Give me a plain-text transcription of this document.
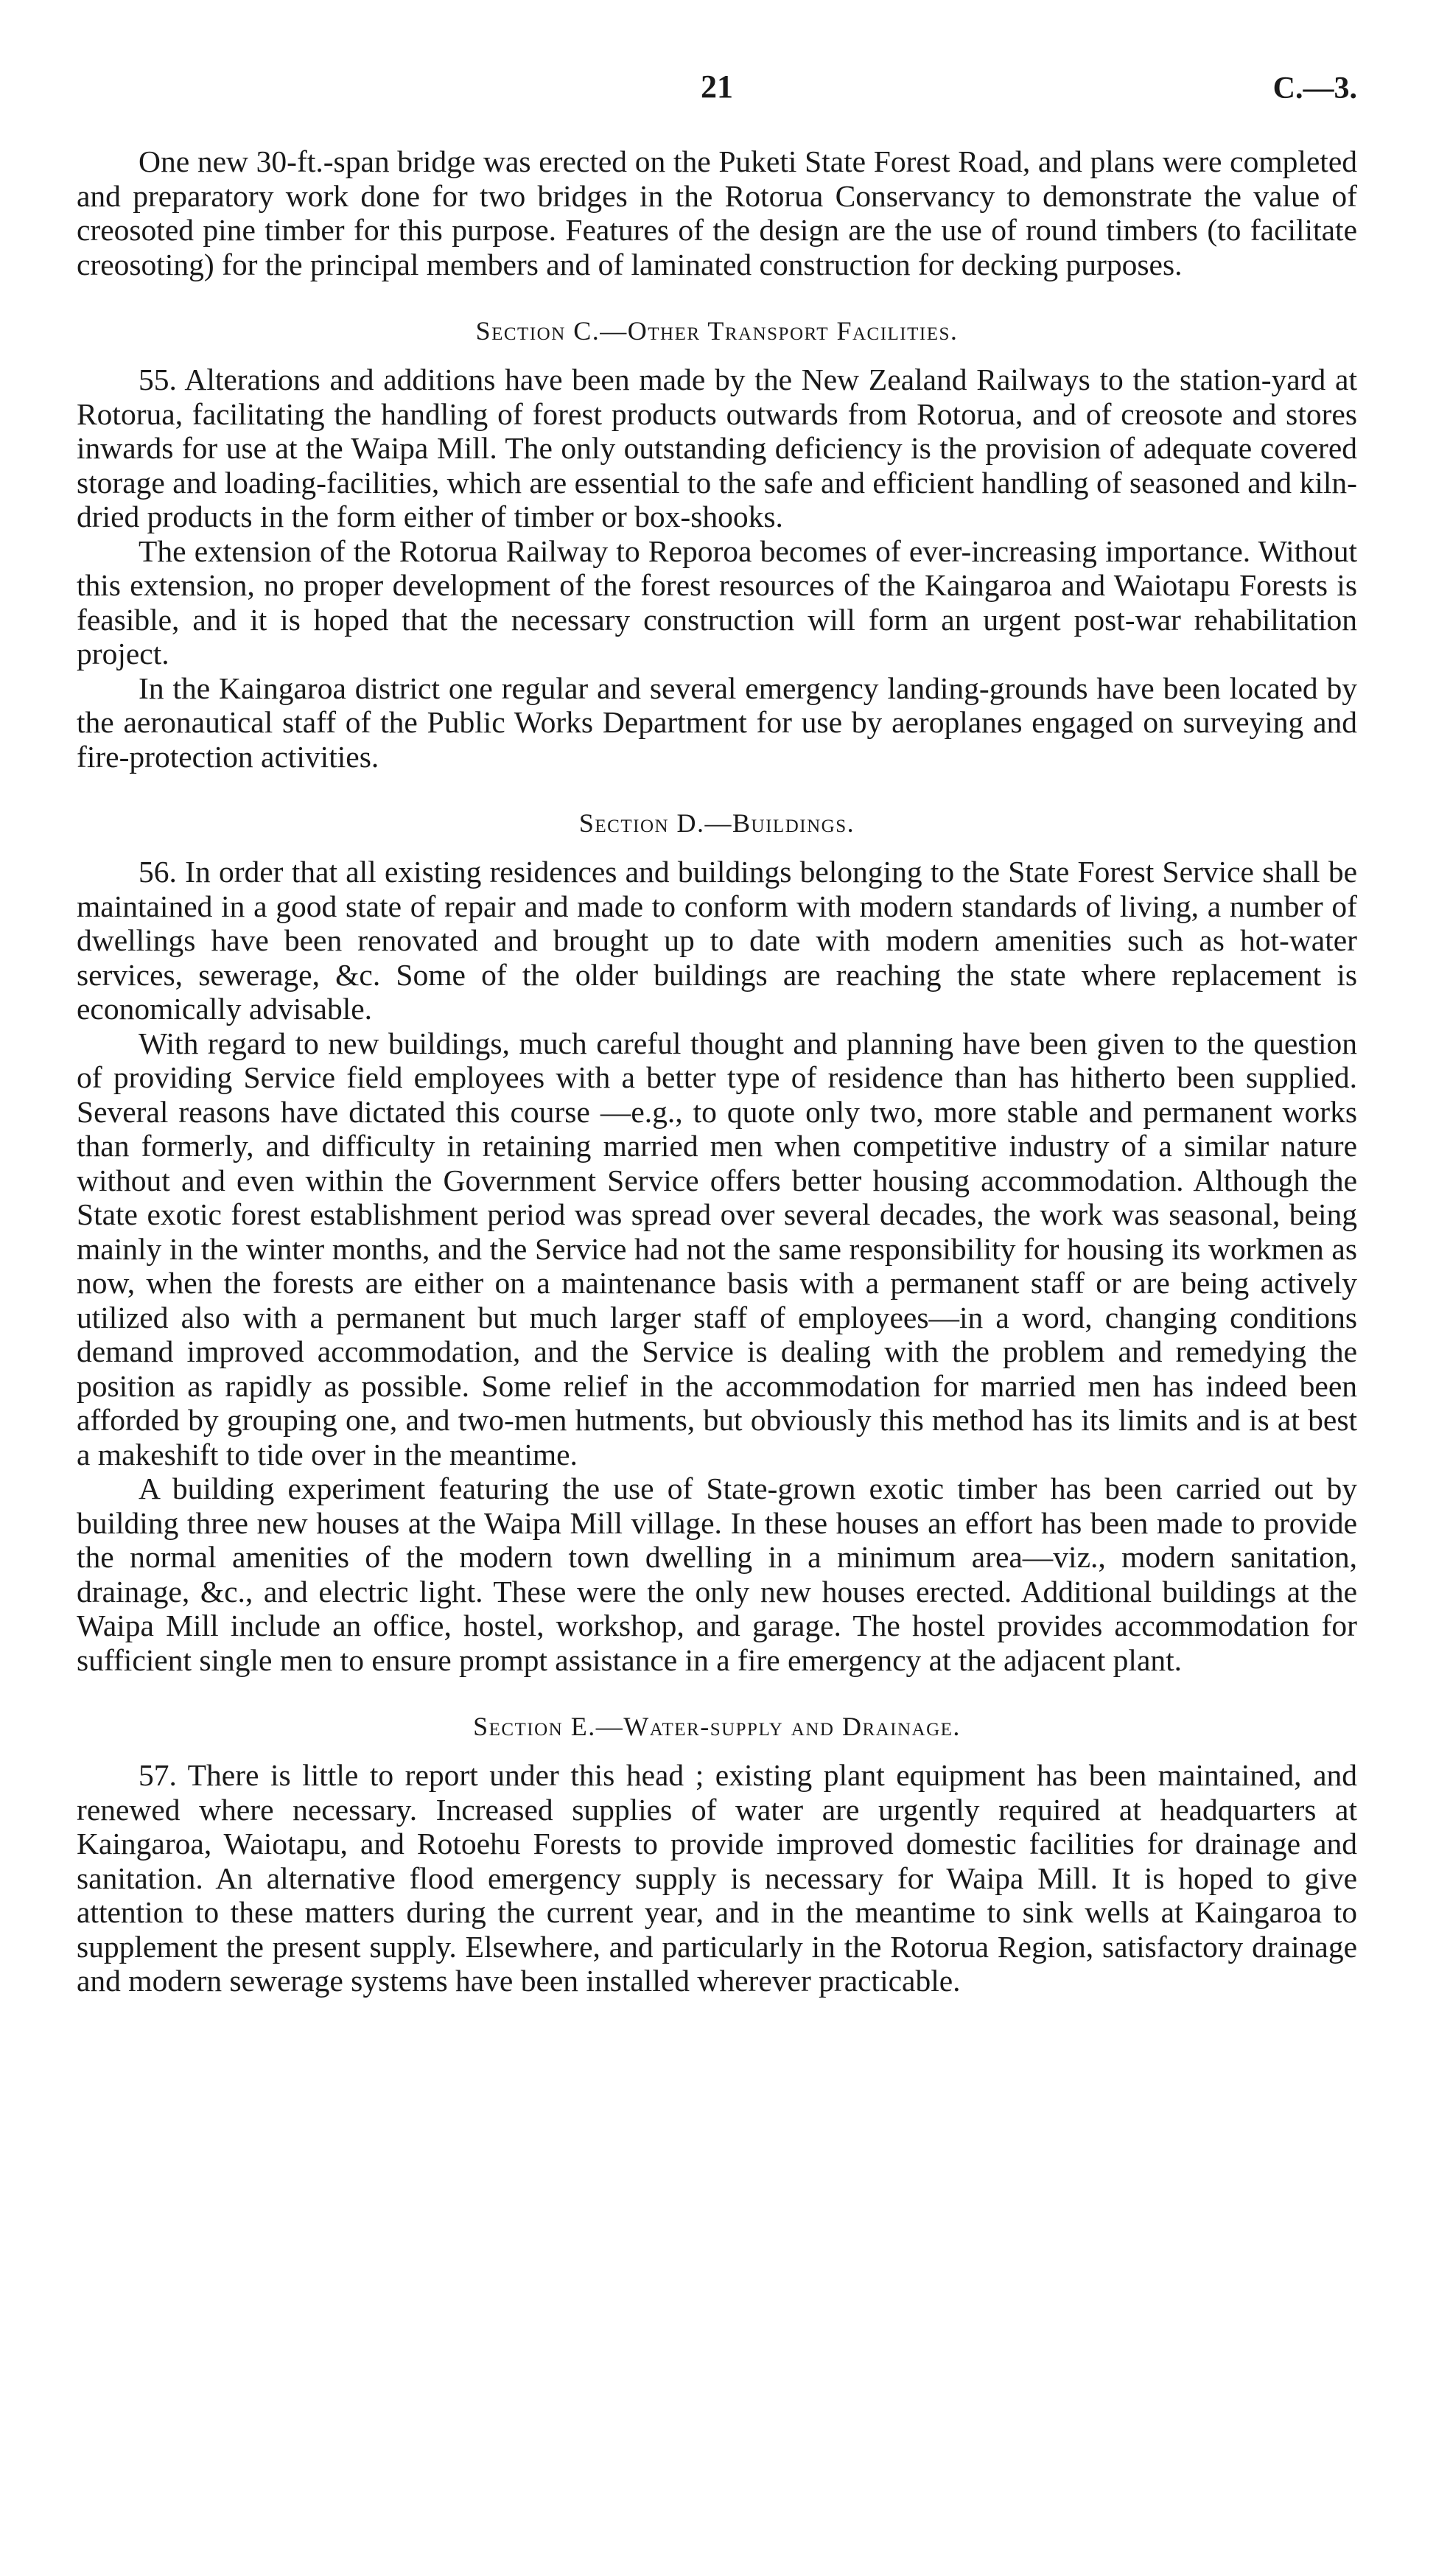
21	C.—3.

One new 30-ft.-span bridge was erected on the Puketi State Forest Road, and plans were completed and preparatory work done for two bridges in the Rotorua Conservancy to demonstrate the value of creosoted pine timber for this purpose. Features of the design are the use of round timbers (to facilitate creosoting) for the principal members and of laminated construction for decking purposes.

Section C.—Other Transport Facilities.

55. Alterations and additions have been made by the New Zealand Railways to the station-yard at Rotorua, facilitating the handling of forest products outwards from Rotorua, and of creosote and stores inwards for use at the Waipa Mill. The only outstanding deficiency is the provision of adequate covered storage and loading-facilities, which are essential to the safe and efficient handling of seasoned and kiln-dried products in the form either of timber or box-shooks.

The extension of the Rotorua Railway to Reporoa becomes of ever-increasing importance. Without this extension, no proper development of the forest resources of the Kaingaroa and Waiotapu Forests is feasible, and it is hoped that the necessary construction will form an urgent post-war rehabilitation project.

In the Kaingaroa district one regular and several emergency landing-grounds have been located by the aeronautical staff of the Public Works Department for use by aeroplanes engaged on surveying and fire-protection activities.

Section D.—Buildings.

56. In order that all existing residences and buildings belonging to the State Forest Service shall be maintained in a good state of repair and made to conform with modern standards of living, a number of dwellings have been renovated and brought up to date with modern amenities such as hot-water services, sewerage, &c. Some of the older buildings are reaching the state where replacement is economically advisable.

With regard to new buildings, much careful thought and planning have been given to the question of providing Service field employees with a better type of residence than has hitherto been supplied. Several reasons have dictated this course —e.g., to quote only two, more stable and permanent works than formerly, and difficulty in retaining married men when competitive industry of a similar nature without and even within the Government Service offers better housing accommodation. Although the State exotic forest establishment period was spread over several decades, the work was seasonal, being mainly in the winter months, and the Service had not the same responsibility for housing its workmen as now, when the forests are either on a maintenance basis with a permanent staff or are being actively utilized also with a permanent but much larger staff of employees—in a word, changing conditions demand improved accommodation, and the Service is dealing with the problem and remedying the position as rapidly as possible. Some relief in the accommodation for married men has indeed been afforded by grouping one, and two-men hutments, but obviously this method has its limits and is at best a makeshift to tide over in the meantime.

A building experiment featuring the use of State-grown exotic timber has been carried out by building three new houses at the Waipa Mill village. In these houses an effort has been made to provide the normal amenities of the modern town dwelling in a minimum area—viz., modern sanitation, drainage, &c., and electric light. These were the only new houses erected. Additional buildings at the Waipa Mill include an office, hostel, workshop, and garage. The hostel provides accommodation for sufficient single men to ensure prompt assistance in a fire emergency at the adjacent plant.

Section E.—Water-supply and Drainage.

57. There is little to report under this head ; existing plant equipment has been maintained, and renewed where necessary. Increased supplies of water are urgently required at headquarters at Kaingaroa, Waiotapu, and Rotoehu Forests to provide improved domestic facilities for drainage and sanitation. An alternative flood emergency supply is necessary for Waipa Mill. It is hoped to give attention to these matters during the current year, and in the meantime to sink wells at Kaingaroa to supplement the present supply. Elsewhere, and particularly in the Rotorua Region, satisfactory drainage and modern sewerage systems have been installed wherever practicable.
